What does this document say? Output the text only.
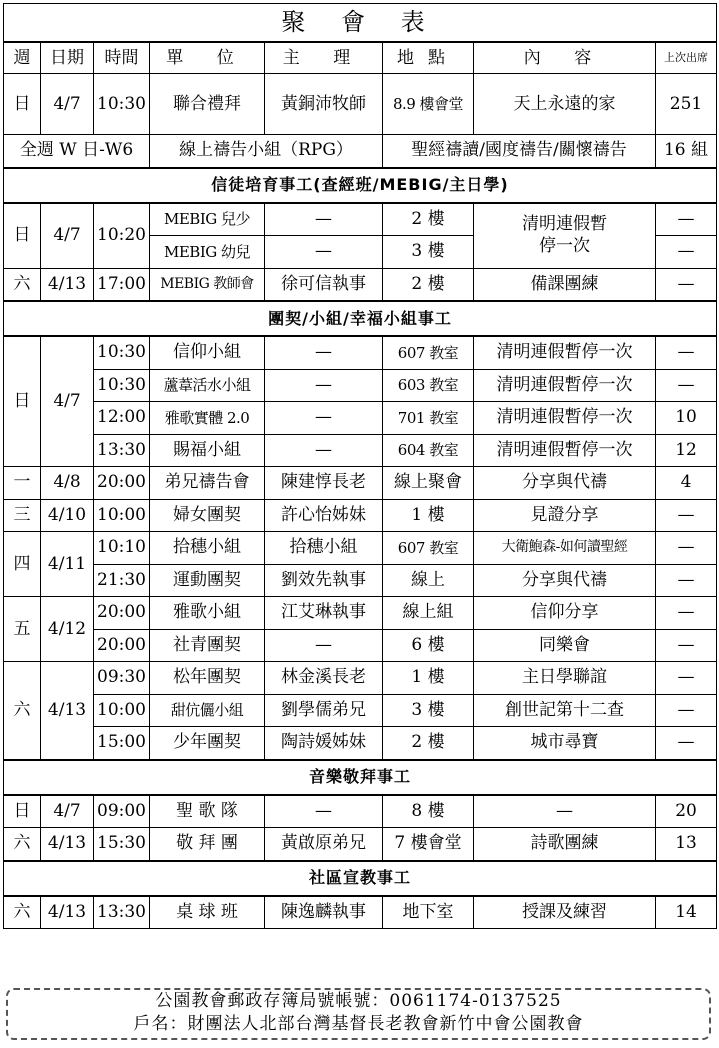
聚 會 表							
週	日期	時間	單 位	主 理	地點	內 容	上次出席
日	4/7	10:30	聯合禮拜	黃銅沛牧師	8.9 樓會堂	天上永遠的家	251
全週 W 日-W6			線上禱告小組（RPG）		聖經禱讀/國度禱告/關懷禱告		16 組
信徒培育事工(查經班/MEBIG/主日學)							
日	4/7	10:20	MEBIG 兒少	—	2 樓	清明連假暫停一次	—
			MEBIG 幼兒	—	3 樓		—
六	4/13	17:00	MEBIG 教師會	徐可信執事	2 樓	備課團練	—
團契/小組/幸福小組事工							
日	4/7	10:30	信仰小組	—	607 教室	清明連假暫停一次	—
		10:30	蘆葦活水小組	—	603 教室	清明連假暫停一次	—
		12:00	雅歌實體 2.0	—	701 教室	清明連假暫停一次	10
		13:30	賜福小組	—	604 教室	清明連假暫停一次	12
一	4/8	20:00	弟兄禱告會	陳建惇長老	線上聚會	分享與代禱	4
三	4/10	10:00	婦女團契	許心怡姊妹	1 樓	見證分享	—
四	4/11	10:10	拾穗小組	拾穗小組	607 教室	大衛鮑森-如何讀聖經	—
		21:30	運動團契	劉效先執事	線上	分享與代禱	—
五	4/12	20:00	雅歌小組	江艾琳執事	線上組	信仰分享	—
		20:00	社青團契	—	6 樓	同樂會	—
六	4/13	09:30	松年團契	林金溪長老	1 樓	主日學聯誼	—
		10:00	甜伉儷小組	劉學儒弟兄	3 樓	創世記第十二查	—
		15:00	少年團契	陶詩媛姊妹	2 樓	城市尋寶	—
音樂敬拜事工							
日	4/7	09:00	聖 歌 隊	—	8 樓	—	20
六	4/13	15:30	敬 拜 團	黃啟原弟兄	7 樓會堂	詩歌團練	13
社區宣教事工							
六	4/13	13:30	桌 球 班	陳逸麟執事	地下室	授課及練習	14
公園教會郵政存簿局號帳號：0061174-0137525
戶名：財團法人北部台灣基督長老教會新竹中會公園教會
